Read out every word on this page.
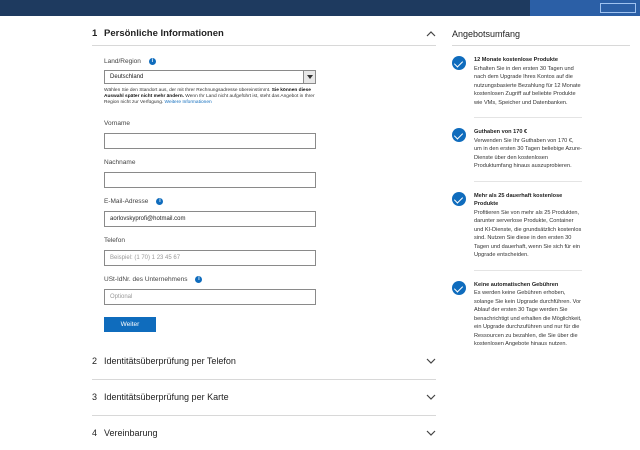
1 Persönliche Informationen
Land/Region	i
Deutschland
Wählen Sie den Standort aus, der mit Ihrer Rechnungsadresse übereinstimmt. Sie können diese Auswahl später nicht mehr ändern. Wenn Ihr Land nicht aufgeführt ist, steht das Angebot in Ihrer Region nicht zur Verfügung. Weitere Informationen
Vorname
Nachname
E-Mail-Adresse	i
aorlovskyprofi@hotmail.com
Telefon
Beispiel: (1 70) 1 23 45 67
USt-IdNr. des Unternehmens	i
Optional
Weiter
2 Identitätsüberprüfung per Telefon
3 Identitätsüberprüfung per Karte
4 Vereinbarung
Angebotsumfang
12 Monate kostenlose Produkte
Erhalten Sie in den ersten 30 Tagen und nach dem Upgrade Ihres Kontos auf die nutzungsbasierte Bezahlung für 12 Monate kostenlosen Zugriff auf beliebte Produkte wie VMs, Speicher und Datenbanken.
Guthaben von 170 €
Verwenden Sie Ihr Guthaben von 170 €, um in den ersten 30 Tagen beliebige Azure-Dienste über den kostenlosen Produktumfang hinaus auszuprobieren.
Mehr als 25 dauerhaft kostenlose Produkte
Profitieren Sie von mehr als 25 Produkten, darunter serverlose Produkte, Container und KI-Dienste, die grundsätzlich kostenlos sind. Nutzen Sie diese in den ersten 30 Tagen und dauerhaft, wenn Sie sich für ein Upgrade entscheiden.
Keine automatischen Gebühren
Es werden keine Gebühren erhoben, solange Sie kein Upgrade durchführen. Vor Ablauf der ersten 30 Tage werden Sie benachrichtigt und erhalten die Möglichkeit, ein Upgrade durchzuführen und nur für die Ressourcen zu bezahlen, die Sie über die kostenlosen Angebote hinaus nutzen.
